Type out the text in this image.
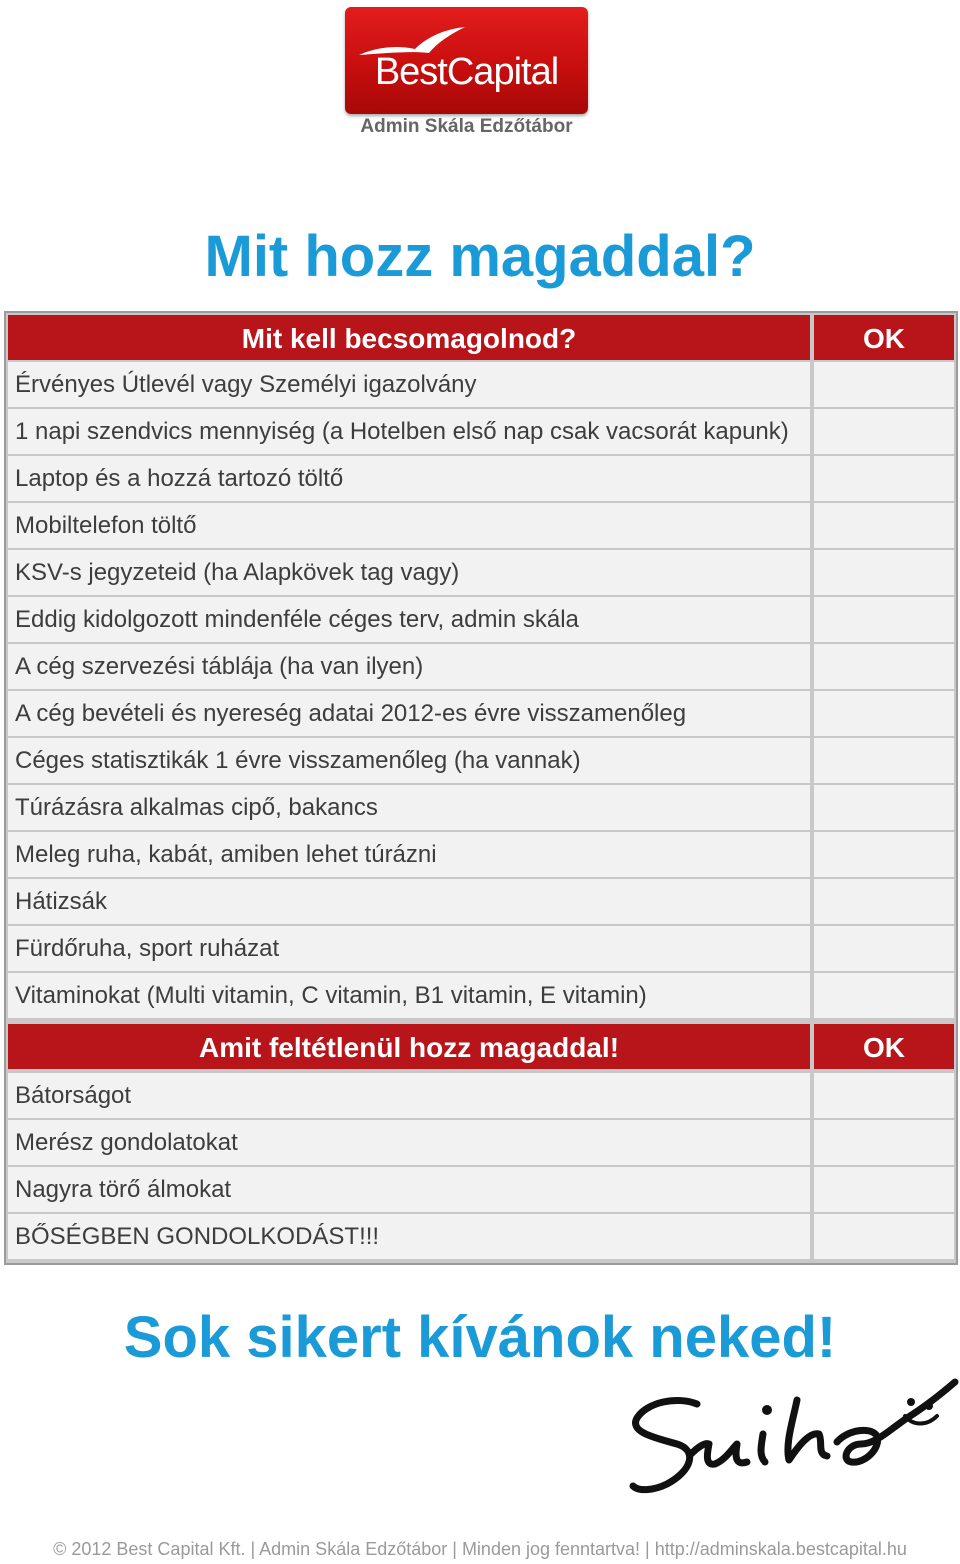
BestCapital
Admin Skála Edzőtábor
Mit hozz magaddal?
Mit kell becsomagolnod?	OK
Érvényes Útlevél vagy Személyi igazolvány
1 napi szendvics mennyiség (a Hotelben első nap csak vacsorát kapunk)
Laptop és a hozzá tartozó töltő
Mobiltelefon töltő
KSV-s jegyzeteid (ha Alapkövek tag vagy)
Eddig kidolgozott mindenféle céges terv, admin skála
A cég szervezési táblája (ha van ilyen)
A cég bevételi és nyereség adatai 2012-es évre visszamenőleg
Céges statisztikák 1 évre visszamenőleg (ha vannak)
Túrázásra alkalmas cipő, bakancs
Meleg ruha, kabát, amiben lehet túrázni
Hátizsák
Fürdőruha, sport ruházat
Vitaminokat (Multi vitamin, C vitamin, B1 vitamin, E vitamin)
Amit feltétlenül hozz magaddal!	OK
Bátorságot
Merész gondolatokat
Nagyra törő álmokat
BŐSÉGBEN GONDOLKODÁST!!!
Sok sikert kívánok neked!
© 2012 Best Capital Kft. | Admin Skála Edzőtábor | Minden jog fenntartva! | http://adminskala.bestcapital.hu
